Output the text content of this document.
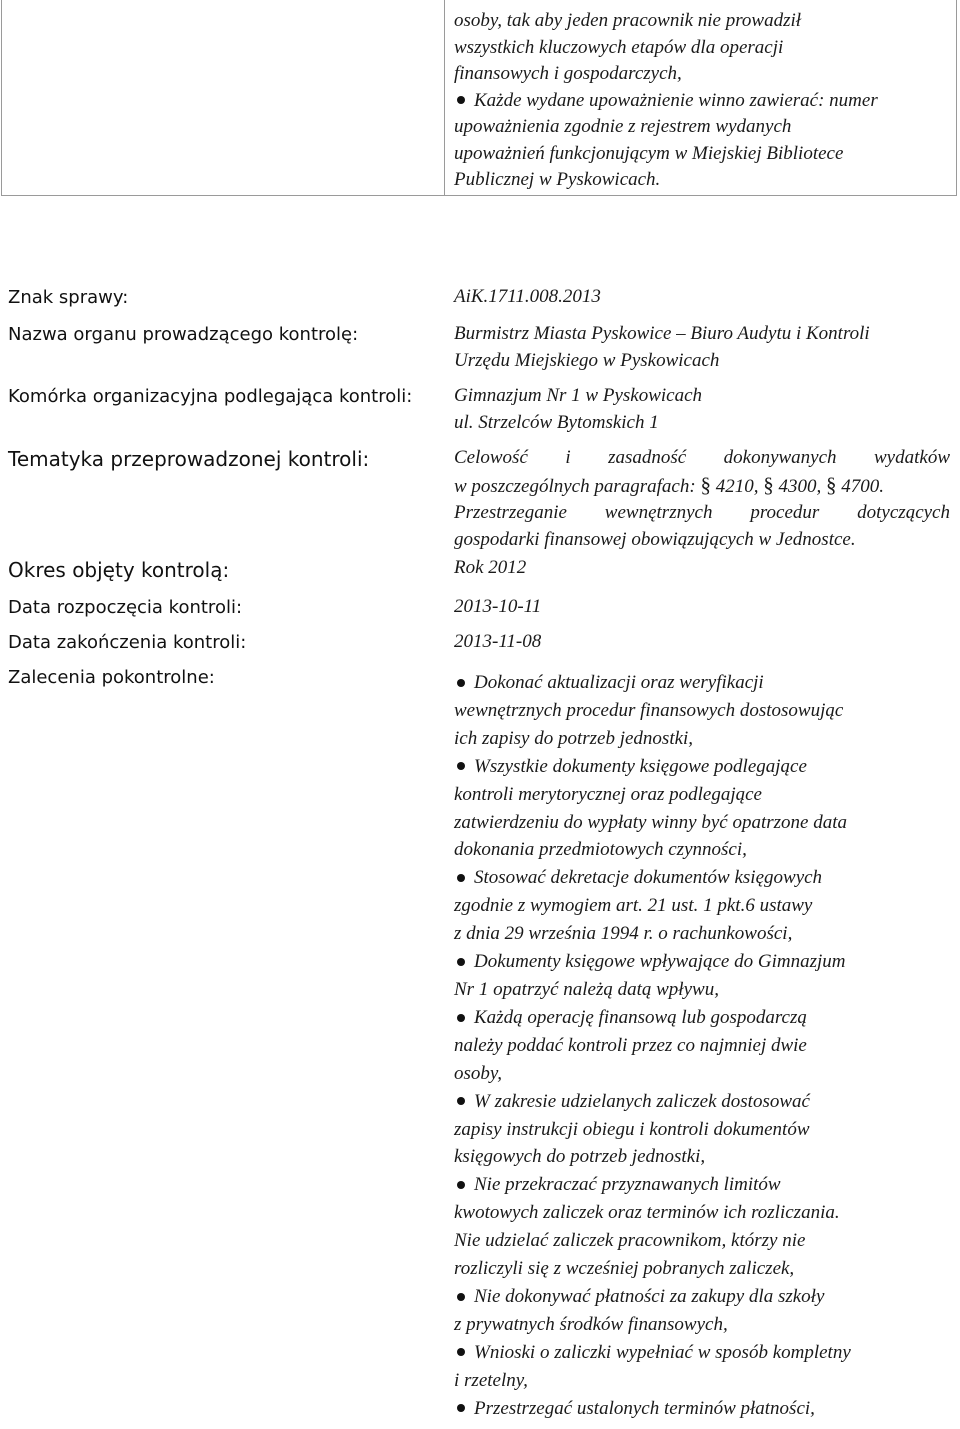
osoby, tak aby jeden pracownik nie prowadził
wszystkich kluczowych etapów dla operacji
finansowych i gospodarczych,
Każde wydane upoważnienie winno zawierać: numer
upoważnienia zgodnie z rejestrem wydanych
upoważnień funkcjonującym w Miejskiej Bibliotece
Publicznej w Pyskowicach.
Znak sprawy:	AiK.1711.008.2013
Nazwa organu prowadzącego kontrolę:	Burmistrz Miasta Pyskowice – Biuro Audytu i Kontroli
Urzędu Miejskiego w Pyskowicach
Komórka organizacyjna podlegająca kontroli: Gimnazjum Nr 1 w Pyskowicach
ul. Strzelców Bytomskich 1
Tematyka przeprowadzonej kontroli:	Celowość i zasadność dokonywanych wydatków
w poszczególnych paragrafach: § 4210, § 4300, § 4700.
Przestrzeganie wewnętrznych procedur dotyczących
gospodarki finansowej obowiązujących w Jednostce.
Okres objęty kontrolą:	Rok 2012
Data rozpoczęcia kontroli:	2013-10-11
Data zakończenia kontroli:	2013-11-08
Zalecenia pokontrolne:	Dokonać aktualizacji oraz weryfikacji
wewnętrznych procedur finansowych dostosowując
ich zapisy do potrzeb jednostki,
Wszystkie dokumenty księgowe podlegające
kontroli merytorycznej oraz podlegające
zatwierdzeniu do wypłaty winny być opatrzone data
dokonania przedmiotowych czynności,
Stosować dekretacje dokumentów księgowych
zgodnie z wymogiem art. 21 ust. 1 pkt.6 ustawy
z dnia 29 września 1994 r. o rachunkowości,
Dokumenty księgowe wpływające do Gimnazjum
Nr 1 opatrzyć należą datą wpływu,
Każdą operację finansową lub gospodarczą
należy poddać kontroli przez co najmniej dwie
osoby,
W zakresie udzielanych zaliczek dostosować
zapisy instrukcji obiegu i kontroli dokumentów
księgowych do potrzeb jednostki,
Nie przekraczać przyznawanych limitów
kwotowych zaliczek oraz terminów ich rozliczania.
Nie udzielać zaliczek pracownikom, którzy nie
rozliczyli się z wcześniej pobranych zaliczek,
Nie dokonywać płatności za zakupy dla szkoły
z prywatnych środków finansowych,
Wnioski o zaliczki wypełniać w sposób kompletny
i rzetelny,
Przestrzegać ustalonych terminów płatności,
